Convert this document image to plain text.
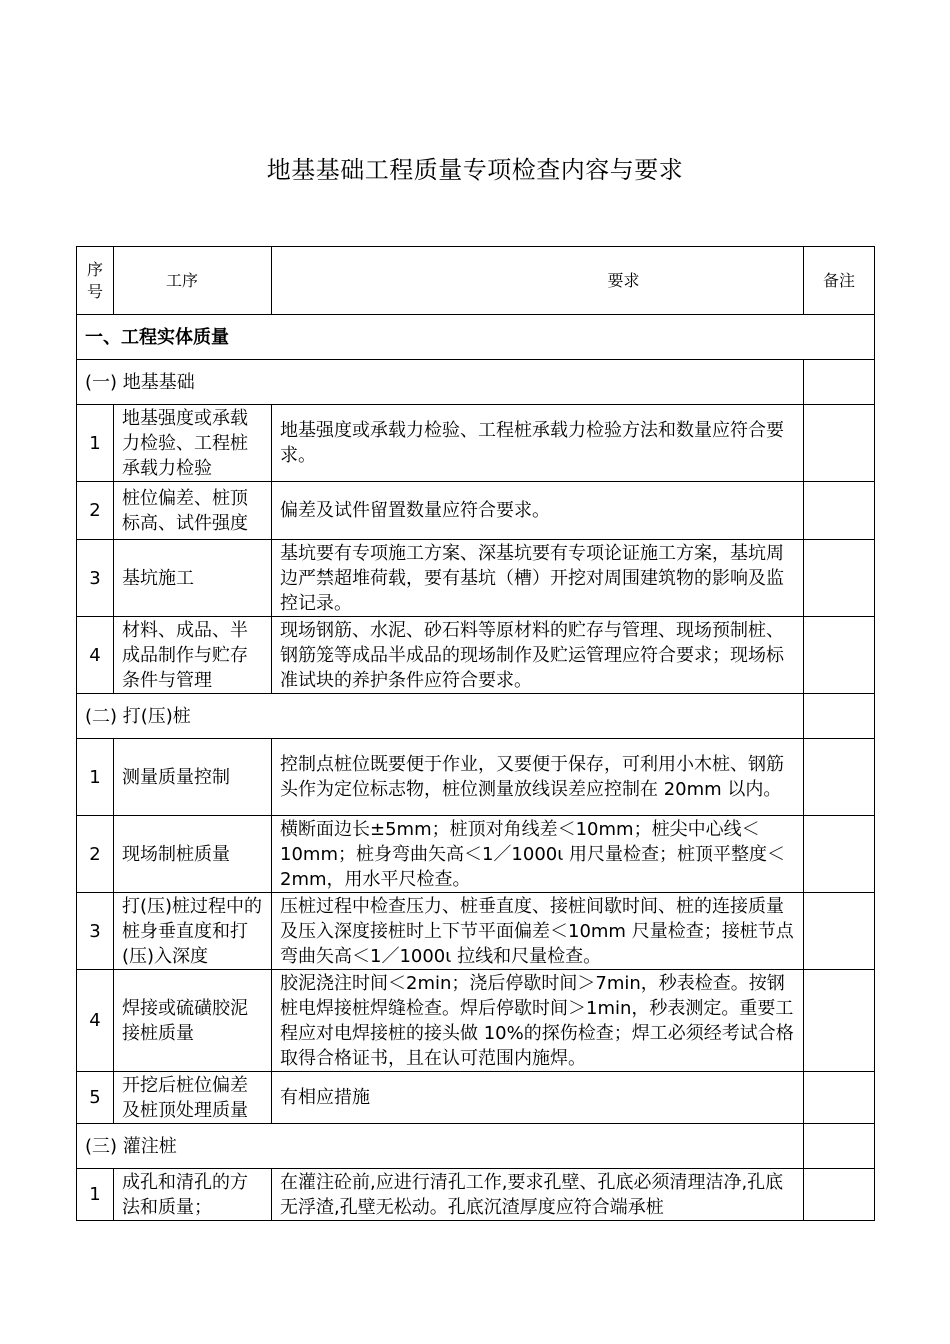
地基基础工程质量专项检查内容与要求
序
号	工序	要求	备注
一、工程实体质量			
(一) 地基基础			
1	地基强度或承载力检验、工程桩承载力检验	地基强度或承载力检验、工程桩承载力检验方法和数量应符合要求。	
2	桩位偏差、桩顶标高、试件强度	偏差及试件留置数量应符合要求。	
3	基坑施工	基坑要有专项施工方案、深基坑要有专项论证施工方案，基坑周边严禁超堆荷载，要有基坑（槽）开挖对周围建筑物的影响及监控记录。	
4	材料、成品、半成品制作与贮存条件与管理	现场钢筋、水泥、砂石料等原材料的贮存与管理、现场预制桩、钢筋笼等成品半成品的现场制作及贮运管理应符合要求；现场标准试块的养护条件应符合要求。	
(二) 打(压)桩			
1	测量质量控制	控制点桩位既要便于作业，又要便于保存，可利用小木桩、钢筋头作为定位标志物，桩位测量放线误差应控制在 20mm 以内。	
2	现场制桩质量	横断面边长±5mm；桩顶对角线差＜10mm；桩尖中心线＜10mm；桩身弯曲矢高＜1／1000ι 用尺量检查；桩顶平整度＜2mm，用水平尺检查。	
3	打(压)桩过程中的桩身垂直度和打(压)入深度	压桩过程中检查压力、桩垂直度、接桩间歇时间、桩的连接质量及压入深度接桩时上下节平面偏差＜10mm 尺量检查；接桩节点弯曲矢高＜1／1000ι 拉线和尺量检查。	
4	焊接或硫磺胶泥接桩质量	胶泥浇注时间＜2min；浇后停歇时间＞7min，秒表检查。按钢桩电焊接桩焊缝检查。焊后停歇时间＞1min，秒表测定。重要工程应对电焊接桩的接头做 10%的探伤检查；焊工必须经考试合格取得合格证书，且在认可范围内施焊。	
5	开挖后桩位偏差及桩顶处理质量	有相应措施	
(三) 灌注桩			
1	成孔和清孔的方法和质量；	在灌注砼前,应进行清孔工作,要求孔壁、孔底必须清理洁净,孔底无浮渣,孔壁无松动。孔底沉渣厚度应符合端承桩	
